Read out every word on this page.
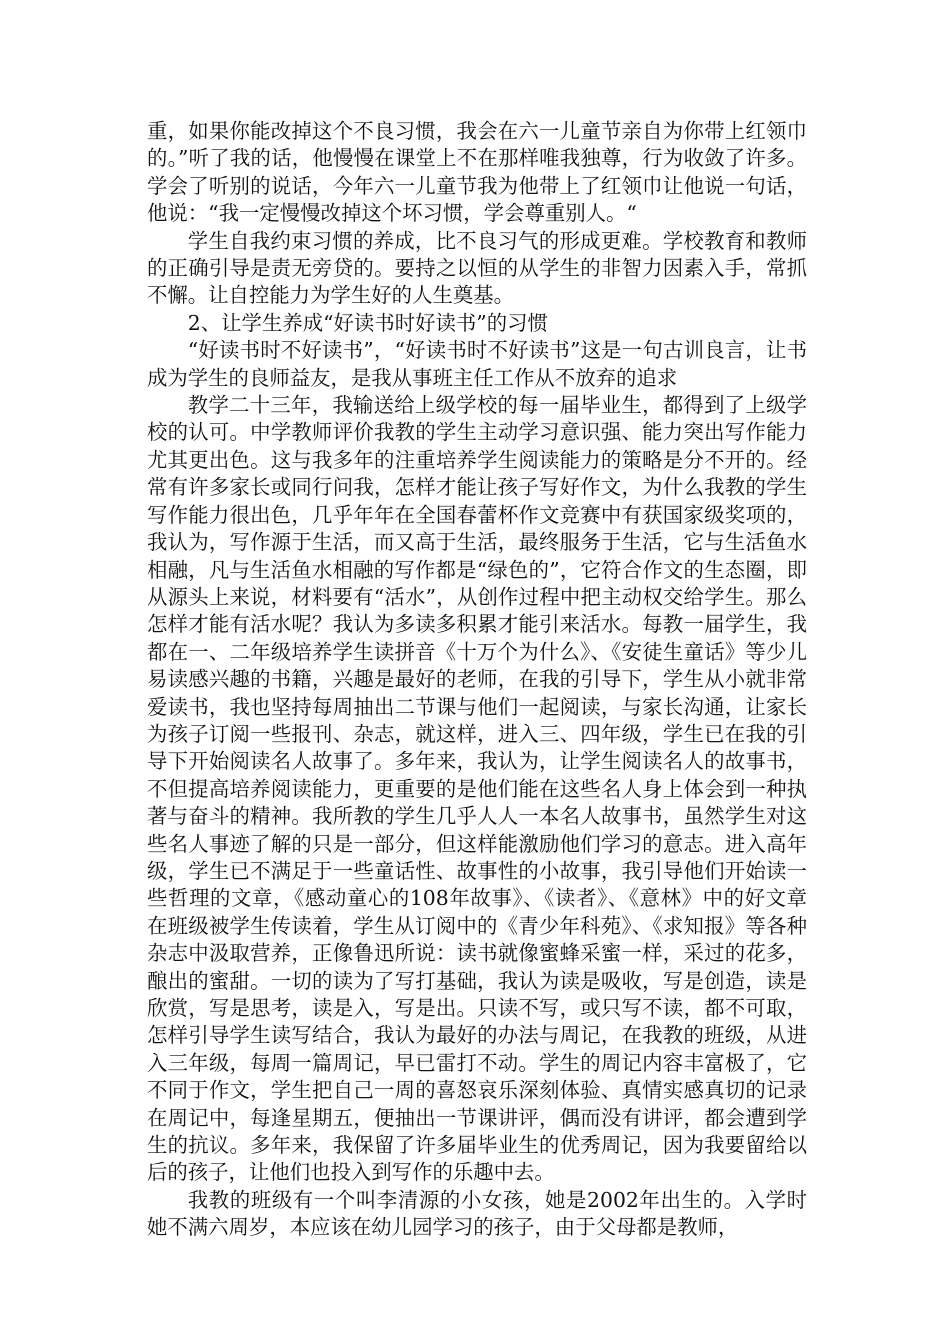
重，如果你能改掉这个不良习惯，我会在六一儿童节亲自为你带上红领巾的。”听了我的话，他慢慢在课堂上不在那样唯我独尊，行为收敛了许多。学会了听别的说话，今年六一儿童节我为他带上了红领巾让他说一句话，他说：“我一定慢慢改掉这个坏习惯，学会尊重别人。“

学生自我约束习惯的养成，比不良习气的形成更难。学校教育和教师的正确引导是责无旁贷的。要持之以恒的从学生的非智力因素入手，常抓不懈。让自控能力为学生好的人生奠基。

2、让学生养成“好读书时好读书”的习惯

“好读书时不好读书”，“好读书时不好读书”这是一句古训良言，让书成为学生的良师益友，是我从事班主任工作从不放弃的追求

教学二十三年，我输送给上级学校的每一届毕业生，都得到了上级学校的认可。中学教师评价我教的学生主动学习意识强、能力突出写作能力尤其更出色。这与我多年的注重培养学生阅读能力的策略是分不开的。经常有许多家长或同行问我，怎样才能让孩子写好作文，为什么我教的学生写作能力很出色，几乎年年在全国春蕾杯作文竞赛中有获国家级奖项的，我认为，写作源于生活，而又高于生活，最终服务于生活，它与生活鱼水相融，凡与生活鱼水相融的写作都是“绿色的”，它符合作文的生态圈，即从源头上来说，材料要有“活水”，从创作过程中把主动权交给学生。那么怎样才能有活水呢？我认为多读多积累才能引来活水。每教一届学生，我都在一、二年级培养学生读拼音《十万个为什么》、《安徒生童话》等少儿易读感兴趣的书籍，兴趣是最好的老师，在我的引导下，学生从小就非常爱读书，我也坚持每周抽出二节课与他们一起阅读，与家长沟通，让家长为孩子订阅一些报刊、杂志，就这样，进入三、四年级，学生已在我的引导下开始阅读名人故事了。多年来，我认为，让学生阅读名人的故事书，不但提高培养阅读能力，更重要的是他们能在这些名人身上体会到一种执著与奋斗的精神。我所教的学生几乎人人一本名人故事书，虽然学生对这些名人事迹了解的只是一部分，但这样能激励他们学习的意志。进入高年级，学生已不满足于一些童话性、故事性的小故事，我引导他们开始读一些哲理的文章，《感动童心的108年故事》、《读者》、《意林》中的好文章在班级被学生传读着，学生从订阅中的《青少年科苑》、《求知报》等各种杂志中汲取营养，正像鲁迅所说：读书就像蜜蜂采蜜一样，采过的花多，酿出的蜜甜。一切的读为了写打基础，我认为读是吸收，写是创造，读是欣赏，写是思考，读是入，写是出。只读不写，或只写不读，都不可取，怎样引导学生读写结合，我认为最好的办法与周记，在我教的班级，从进入三年级，每周一篇周记，早已雷打不动。学生的周记内容丰富极了，它不同于作文，学生把自己一周的喜怒哀乐深刻体验、真情实感真切的记录在周记中，每逢星期五，便抽出一节课讲评，偶而没有讲评，都会遭到学生的抗议。多年来，我保留了许多届毕业生的优秀周记，因为我要留给以后的孩子，让他们也投入到写作的乐趣中去。

我教的班级有一个叫李清源的小女孩，她是2002年出生的。入学时她不满六周岁，本应该在幼儿园学习的孩子，由于父母都是教师，
